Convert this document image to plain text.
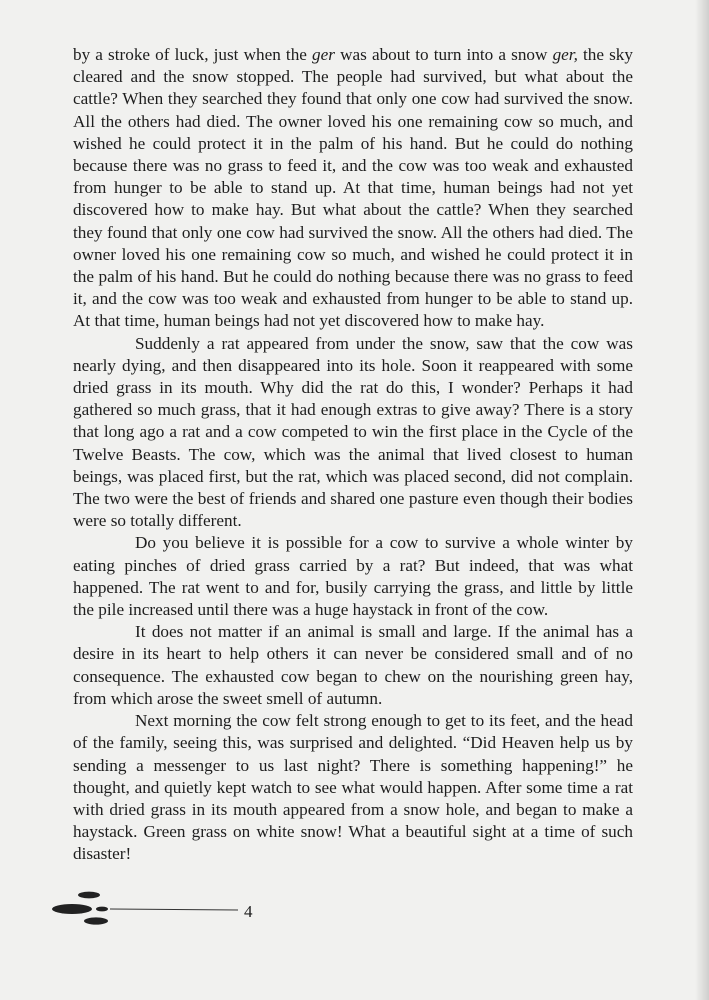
by a stroke of luck, just when the ger was about to turn into a snow ger, the sky cleared and the snow stopped. The people had survived, but what about the cattle? When they searched they found that only one cow had survived the snow. All the others had died. The owner loved his one remaining cow so much, and wished he could protect it in the palm of his hand. But he could do nothing because there was no grass to feed it, and the cow was too weak and exhausted from hunger to be able to stand up. At that time, human beings had not yet discovered how to make hay. But what about the cattle? When they searched they found that only one cow had survived the snow. All the others had died. The owner loved his one remaining cow so much, and wished he could protect it in the palm of his hand. But he could do nothing because there was no grass to feed it, and the cow was too weak and exhausted from hunger to be able to stand up. At that time, human beings had not yet discovered how to make hay.

Suddenly a rat appeared from under the snow, saw that the cow was nearly dying, and then disappeared into its hole. Soon it reappeared with some dried grass in its mouth. Why did the rat do this, I wonder? Perhaps it had gathered so much grass, that it had enough extras to give away? There is a story that long ago a rat and a cow competed to win the first place in the Cycle of the Twelve Beasts. The cow, which was the animal that lived closest to human beings, was placed first, but the rat, which was placed second, did not complain. The two were the best of friends and shared one pasture even though their bodies were so totally different.

Do you believe it is possible for a cow to survive a whole winter by eating pinches of dried grass carried by a rat? But indeed, that was what happened. The rat went to and for, busily carrying the grass, and little by little the pile increased until there was a huge haystack in front of the cow.

It does not matter if an animal is small and large. If the animal has a desire in its heart to help others it can never be considered small and of no consequence. The exhausted cow began to chew on the nourishing green hay, from which arose the sweet smell of autumn.

Next morning the cow felt strong enough to get to its feet, and the head of the family, seeing this, was surprised and delighted. “Did Heaven help us by sending a messenger to us last night? There is something happening!” he thought, and quietly kept watch to see what would happen. After some time a rat with dried grass in its mouth appeared from a snow hole, and began to make a haystack. Green grass on white snow! What a beautiful sight at a time of such disaster!

4
